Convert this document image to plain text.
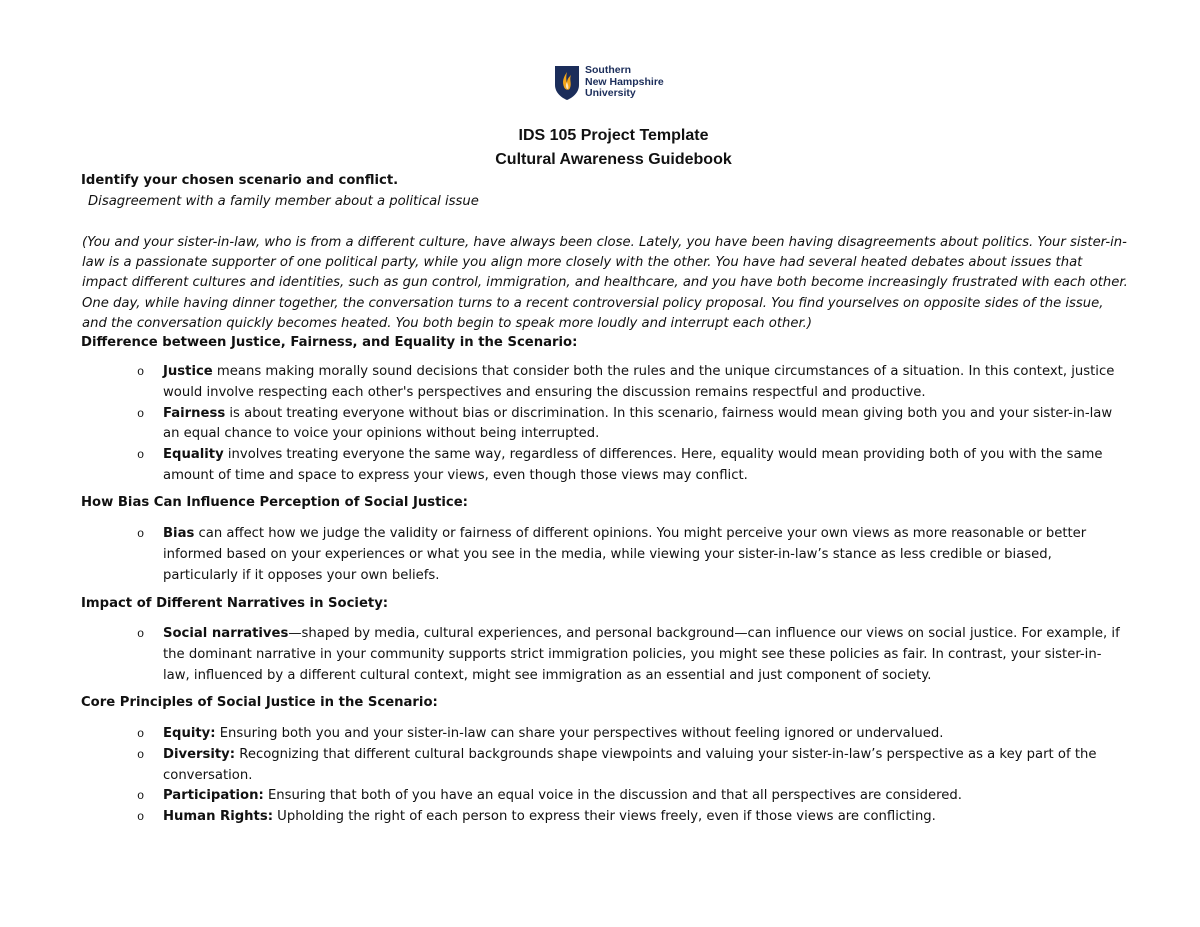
Southern
New Hampshire
University
IDS 105 Project Template
Cultural Awareness Guidebook
Identify your chosen scenario and conflict.
Disagreement with a family member about a political issue

(You and your sister-in-law, who is from a different culture, have always been close. Lately, you have been having disagreements about politics. Your sister-in-

law is a passionate supporter of one political party, while you align more closely with the other. You have had several heated debates about issues that

impact different cultures and identities, such as gun control, immigration, and healthcare, and you have both become increasingly frustrated with each other.

One day, while having dinner together, the conversation turns to a recent controversial policy proposal. You find yourselves on opposite sides of the issue,

and the conversation quickly becomes heated. You both begin to speak more loudly and interrupt each other.)

Difference between Justice, Fairness, and Equality in the Scenario:
o Justice means making morally sound decisions that consider both the rules and the unique circumstances of a situation. In this context, justice
would involve respecting each other's perspectives and ensuring the discussion remains respectful and productive.
o Fairness is about treating everyone without bias or discrimination. In this scenario, fairness would mean giving both you and your sister-in-law
an equal chance to voice your opinions without being interrupted.
o Equality involves treating everyone the same way, regardless of differences. Here, equality would mean providing both of you with the same
amount of time and space to express your views, even though those views may conflict.
How Bias Can Influence Perception of Social Justice:
o Bias can affect how we judge the validity or fairness of different opinions. You might perceive your own views as more reasonable or better
informed based on your experiences or what you see in the media, while viewing your sister-in-law’s stance as less credible or biased,
particularly if it opposes your own beliefs.
Impact of Different Narratives in Society:
o Social narratives—shaped by media, cultural experiences, and personal background—can influence our views on social justice. For example, if
the dominant narrative in your community supports strict immigration policies, you might see these policies as fair. In contrast, your sister-in-
law, influenced by a different cultural context, might see immigration as an essential and just component of society.
Core Principles of Social Justice in the Scenario:
o Equity: Ensuring both you and your sister-in-law can share your perspectives without feeling ignored or undervalued.
o Diversity: Recognizing that different cultural backgrounds shape viewpoints and valuing your sister-in-law’s perspective as a key part of the
conversation.
o Participation: Ensuring that both of you have an equal voice in the discussion and that all perspectives are considered.
o Human Rights: Upholding the right of each person to express their views freely, even if those views are conflicting.
